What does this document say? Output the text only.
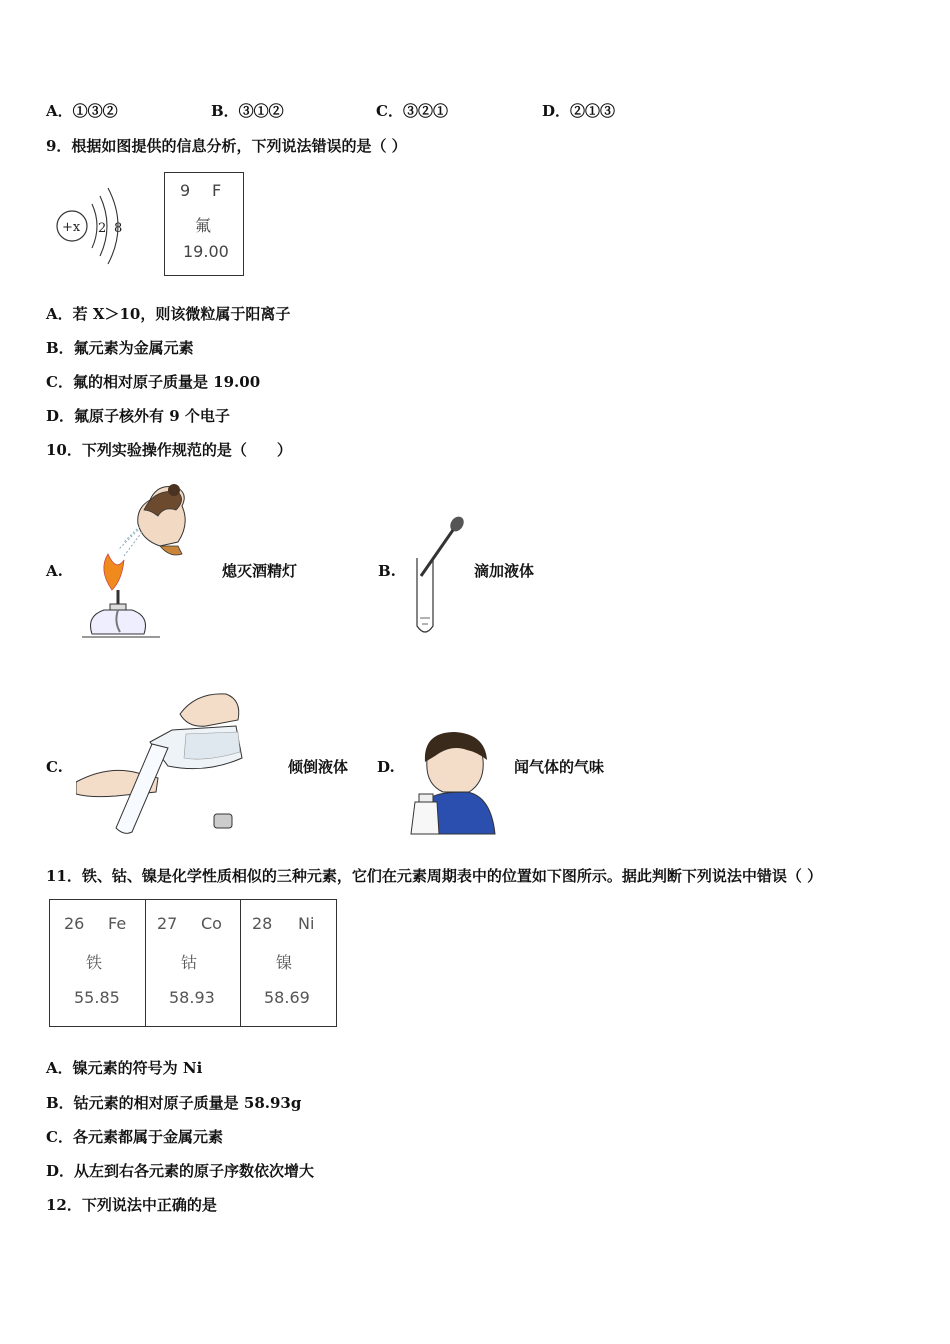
A．①③②	B．③①②	C．③②①	D．②①③
9．根据如图提供的信息分析，下列说法错误的是（ ）
+x 2 8
9 F
氟
19.00
A．若 X＞10，则该微粒属于阳离子
B．氟元素为金属元素
C．氟的相对原子质量是 19.00
D．氟原子核外有 9 个电子
10．下列实验操作规范的是（　　）
A.	熄灭酒精灯	B.	滴加液体
C.	倾倒液体 D.	闻气体的气味
11．铁、钴、镍是化学性质相似的三种元素，它们在元素周期表中的位置如下图所示。据此判断下列说法中错误（ ）
26 Fe
铁
55.85
27 Co
钴
58.93
28 Ni
镍
58.69
A．镍元素的符号为 Ni
B．钴元素的相对原子质量是 58.93g
C．各元素都属于金属元素
D．从左到右各元素的原子序数依次增大
12．下列说法中正确的是
